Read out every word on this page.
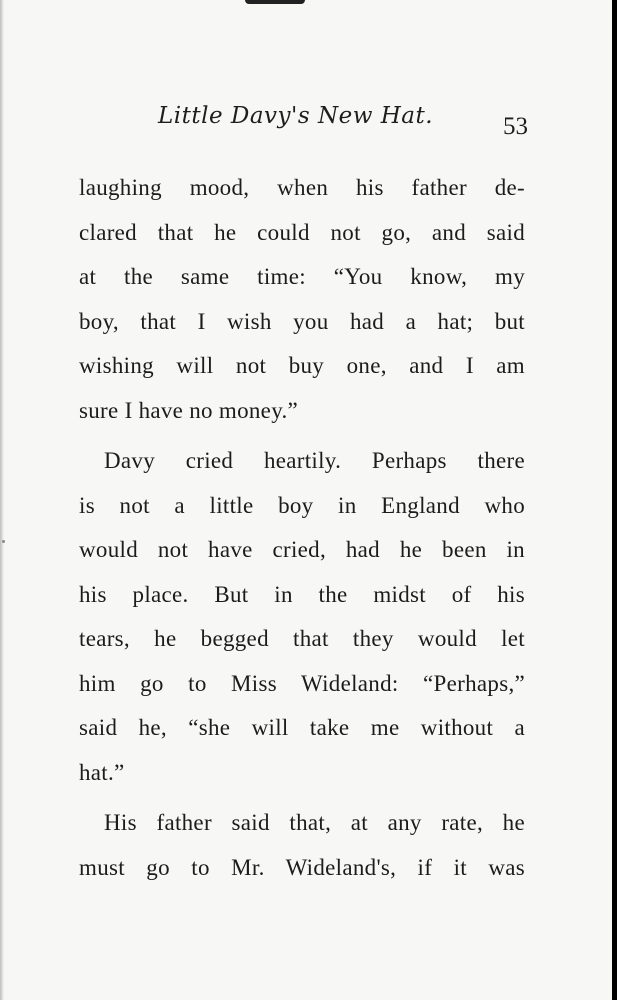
Little Davy's New Hat.	53

laughing mood, when his father de-
clared that he could not go, and said
at the same time: “You know, my
boy, that I wish you had a hat; but
wishing will not buy one, and I am
sure I have no money.”

Davy cried heartily. Perhaps there
is not a little boy in England who
would not have cried, had he been in
his place. But in the midst of his
tears, he begged that they would let
him go to Miss Wideland: “Perhaps,”
said he, “she will take me without a
hat.”

His father said that, at any rate, he
must go to Mr. Wideland's, if it was
